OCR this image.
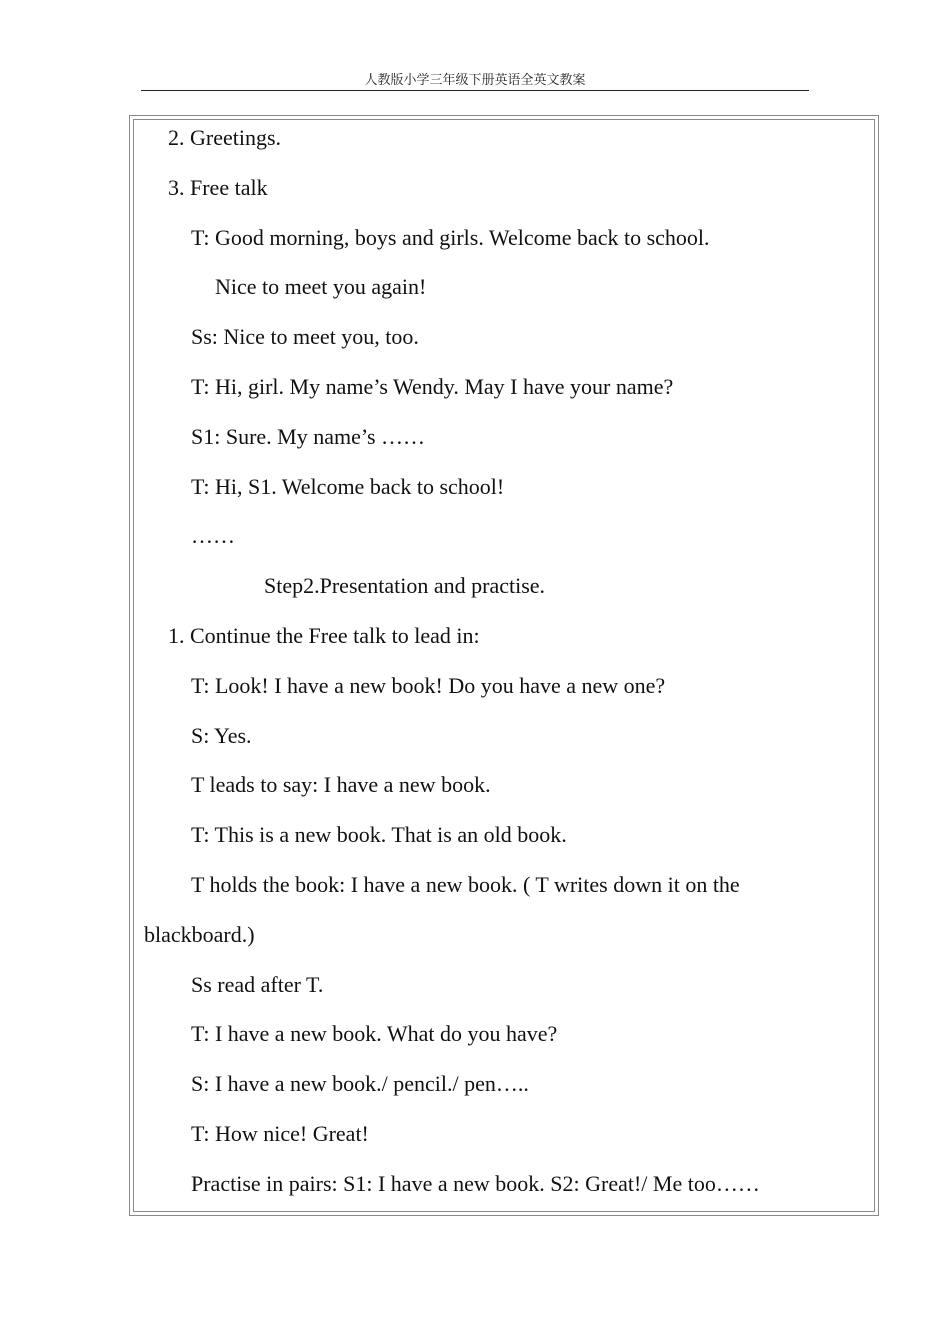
人教版小学三年级下册英语全英文教案
2. Greetings.
3. Free talk
T: Good morning, boys and girls. Welcome back to school.
Nice to meet you again!
Ss: Nice to meet you, too.
T: Hi, girl. My name’s Wendy. May I have your name?
S1: Sure. My name’s ……
T: Hi, S1. Welcome back to school!
……
Step2.Presentation and practise.
1. Continue the Free talk to lead in:
T: Look! I have a new book! Do you have a new one?
S: Yes.
T leads to say: I have a new book.
T: This is a new book. That is an old book.
T holds the book: I have a new book. ( T writes down it on the
blackboard.)
Ss read after T.
T: I have a new book. What do you have?
S: I have a new book./ pencil./ pen…..
T: How nice! Great!
Practise in pairs: S1: I have a new book. S2: Great!/ Me too……
